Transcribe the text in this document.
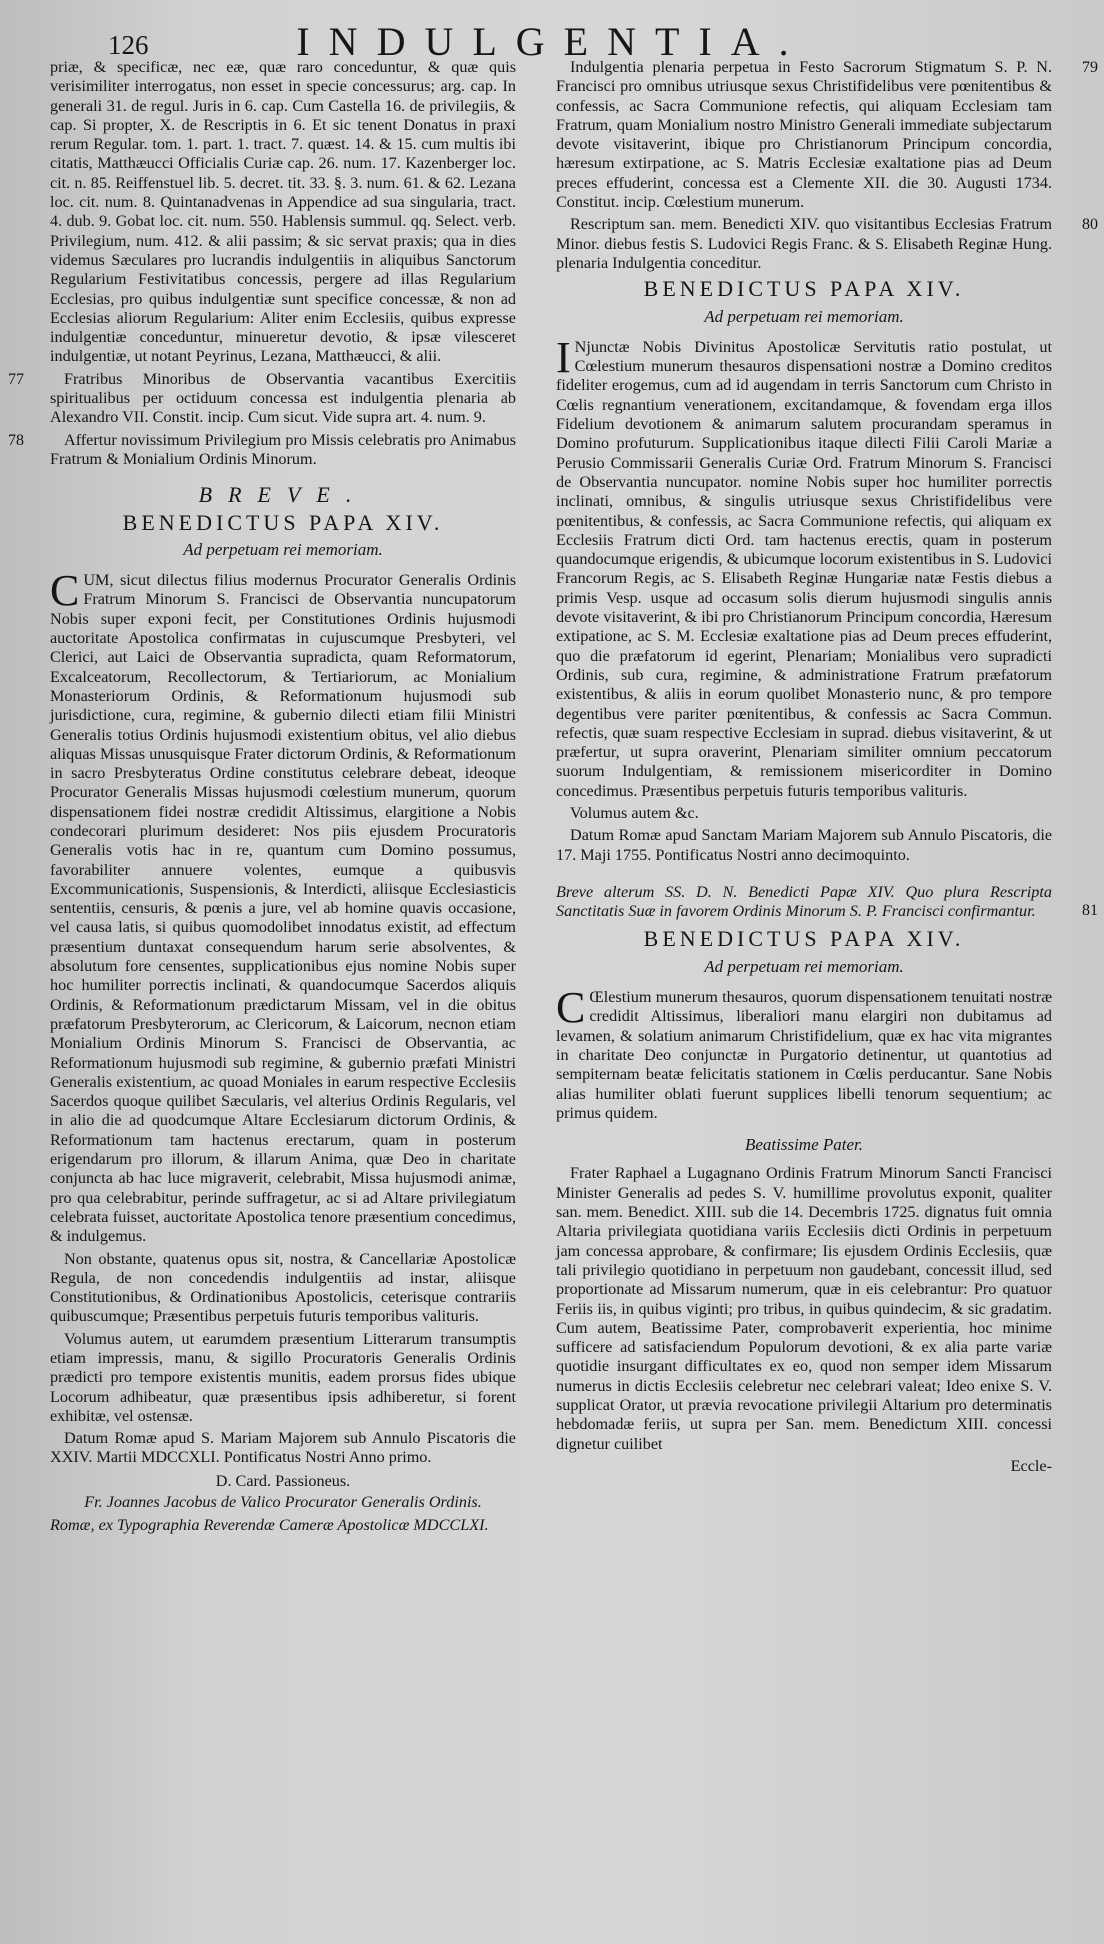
126	INDULGENTIA.

priæ, & specificæ, nec eæ, quæ raro conceduntur, & quæ quis verisimiliter interrogatus, non esset in specie concessurus; arg. cap. In generali 31. de regul. Juris in 6. cap. Cum Castella 16. de privilegiis, & cap. Si propter, X. de Rescriptis in 6. Et sic tenent Donatus in praxi rerum Regular. tom. 1. part. 1. tract. 7. quæst. 14. & 15. cum multis ibi citatis, Matthæucci Officialis Curiæ cap. 26. num. 17. Kazenberger loc. cit. n. 85. Reiffenstuel lib. 5. decret. tit. 33. §. 3. num. 61. & 62. Lezana loc. cit. num. 8. Quintanadvenas in Appendice ad sua singularia, tract. 4. dub. 9. Gobat loc. cit. num. 550. Hablensis summul. qq. Select. verb. Privilegium, num. 412. & alii passim; & sic servat praxis; qua in dies videmus Sæculares pro lucrandis indulgentiis in aliquibus Sanctorum Regularium Festivitatibus concessis, pergere ad illas Regularium Ecclesias, pro quibus indulgentiæ sunt specifice concessæ, & non ad Ecclesias aliorum Regularium: Aliter enim Ecclesiis, quibus expresse indulgentiæ conceduntur, minueretur devotio, & ipsæ vilesceret indulgentiæ, ut notant Peyrinus, Lezana, Matthæucci, & alii.

77	Fratribus Minoribus de Observantia vacantibus Exercitiis spiritualibus per octiduum concessa est indulgentia plenaria ab Alexandro VII. Constit. incip. Cum sicut. Vide supra art. 4. num. 9.

78	Affertur novissimum Privilegium pro Missis celebratis pro Animabus Fratrum & Monialium Ordinis Minorum.

BREVE.
BENEDICTUS PAPA XIV.
Ad perpetuam rei memoriam.

CUM, sicut dilectus filius modernus Procurator Generalis Ordinis Fratrum Minorum S. Francisci de Observantia nuncupatorum Nobis super exponi fecit, per Constitutiones Ordinis hujusmodi auctoritate Apostolica confirmatas in cujuscumque Presbyteri, vel Clerici, aut Laici de Observantia supradicta, quam Reformatorum, Excalceatorum, Recollectorum, & Tertiariorum, ac Monialium Monasteriorum Ordinis, & Reformationum hujusmodi sub jurisdictione, cura, regimine, & gubernio dilecti etiam filii Ministri Generalis totius Ordinis hujusmodi existentium obitus, vel alio diebus aliquas Missas unusquisque Frater dictorum Ordinis, & Reformationum in sacro Presbyteratus Ordine constitutus celebrare debeat, ideoque Procurator Generalis Missas hujusmodi cœlestium munerum, quorum dispensationem fidei nostræ credidit Altissimus, elargitione a Nobis condecorari plurimum desideret: Nos piis ejusdem Procuratoris Generalis votis hac in re, quantum cum Domino possumus, favorabiliter annuere volentes, eumque a quibusvis Excommunicationis, Suspensionis, & Interdicti, aliisque Ecclesiasticis sententiis, censuris, & pœnis a jure, vel ab homine quavis occasione, vel causa latis, si quibus quomodolibet innodatus existit, ad effectum præsentium duntaxat consequendum harum serie absolventes, & absolutum fore censentes, supplicationibus ejus nomine Nobis super hoc humiliter porrectis inclinati, & quandocumque Sacerdos aliquis Ordinis, & Reformationum prædictarum Missam, vel in die obitus præfatorum Presbyterorum, ac Clericorum, & Laicorum, necnon etiam Monialium Ordinis Minorum S. Francisci de Observantia, ac Reformationum hujusmodi sub regimine, & gubernio præfati Ministri Generalis existentium, ac quoad Moniales in earum respective Ecclesiis Sacerdos quoque quilibet Sæcularis, vel alterius Ordinis Regularis, vel in alio die ad quodcumque Altare Ecclesiarum dictorum Ordinis, & Reformationum tam hactenus erectarum, quam in posterum erigendarum pro illorum, & illarum Anima, quæ Deo in charitate conjuncta ab hac luce migraverit, celebrabit, Missa hujusmodi animæ, pro qua celebrabitur, perinde suffragetur, ac si ad Altare privilegiatum celebrata fuisset, auctoritate Apostolica tenore præsentium concedimus, & indulgemus.

Non obstante, quatenus opus sit, nostra, & Cancellariæ Apostolicæ Regula, de non concedendis indulgentiis ad instar, aliisque Constitutionibus, & Ordinationibus Apostolicis, ceterisque contrariis quibuscumque; Præsentibus perpetuis futuris temporibus valituris.

Volumus autem, ut earumdem præsentium Litterarum transumptis etiam impressis, manu, & sigillo Procuratoris Generalis Ordinis prædicti pro tempore existentis munitis, eadem prorsus fides ubique Locorum adhibeatur, quæ præsentibus ipsis adhiberetur, si forent exhibitæ, vel ostensæ.

Datum Romæ apud S. Mariam Majorem sub Annulo Piscatoris die XXIV. Martii MDCCXLI. Pontificatus Nostri Anno primo.

D. Card. Passioneus.
Fr. Joannes Jacobus de Valico Procurator Generalis Ordinis.

Romæ, ex Typographia Reverendæ Cameræ Apostolicæ MDCCLXI.

79

Indulgentia plenaria perpetua in Festo Sacrorum Stigmatum S. P. N. Francisci pro omnibus utriusque sexus Christifidelibus vere pœnitentibus & confessis, ac Sacra Communione refectis, qui aliquam Ecclesiam tam Fratrum, quam Monialium nostro Ministro Generali immediate subjectarum devote visitaverint, ibique pro Christianorum Principum concordia, hæresum extirpatione, ac S. Matris Ecclesiæ exaltatione pias ad Deum preces effuderint, concessa est a Clemente XII. die 30. Augusti 1734. Constitut. incip. Cœlestium munerum.

80

Rescriptum san. mem. Benedicti XIV. quo visitantibus Ecclesias Fratrum Minor. diebus festis S. Ludovici Regis Franc. & S. Elisabeth Reginæ Hung. plenaria Indulgentia conceditur.

BENEDICTUS PAPA XIV.
Ad perpetuam rei memoriam.

I Njunctæ Nobis Divinitus Apostolicæ Servitutis ratio postulat, ut Cœlestium munerum thesauros dispensationi nostræ a Domino creditos fideliter erogemus, cum ad id augendam in terris Sanctorum cum Christo in Cœlis regnantium venerationem, excitandamque, & fovendam erga illos Fidelium devotionem & animarum salutem procurandam speramus in Domino profuturum. Supplicationibus itaque dilecti Filii Caroli Mariæ a Perusio Commissarii Generalis Curiæ Ord. Fratrum Minorum S. Francisci de Observantia nuncupator. nomine Nobis super hoc humiliter porrectis inclinati, omnibus, & singulis utriusque sexus Christifidelibus vere pœnitentibus, & confessis, ac Sacra Communione refectis, qui aliquam ex Ecclesiis Fratrum dicti Ord. tam hactenus erectis, quam in posterum quandocumque erigendis, & ubicumque locorum existentibus in S. Ludovici Francorum Regis, ac S. Elisabeth Reginæ Hungariæ natæ Festis diebus a primis Vesp. usque ad occasum solis dierum hujusmodi singulis annis devote visitaverint, & ibi pro Christianorum Principum concordia, Hæresum extipatione, ac S. M. Ecclesiæ exaltatione pias ad Deum preces effuderint, quo die præfatorum id egerint, Plenariam; Monialibus vero supradicti Ordinis, sub cura, regimine, & administratione Fratrum præfatorum existentibus, & aliis in eorum quolibet Monasterio nunc, & pro tempore degentibus vere pariter pœnitentibus, & confessis ac Sacra Commun. refectis, quæ suam respective Ecclesiam in suprad. diebus visitaverint, & ut præfertur, ut supra oraverint, Plenariam similiter omnium peccatorum suorum Indulgentiam, & remissionem misericorditer in Domino concedimus. Præsentibus perpetuis futuris temporibus valituris.

Volumus autem &c.

Datum Romæ apud Sanctam Mariam Majorem sub Annulo Piscatoris, die 17. Maji 1755. Pontificatus Nostri anno decimoquinto.

81

Breve alterum SS. D. N. Benedicti Papæ XIV. Quo plura Rescripta Sanctitatis Suæ in favorem Ordinis Minorum S. P. Francisci confirmantur.

BENEDICTUS PAPA XIV.
Ad perpetuam rei memoriam.

C Œlestium munerum thesauros, quorum dispensationem tenuitati nostræ credidit Altissimus, liberaliori manu elargiri non dubitamus ad levamen, & solatium animarum Christifidelium, quæ ex hac vita migrantes in charitate Deo conjunctæ in Purgatorio detinentur, ut quantotius ad sempiternam beatæ felicitatis stationem in Cœlis perducantur. Sane Nobis alias humiliter oblati fuerunt supplices libelli tenorum sequentium; ac primus quidem.

Beatissime Pater.

Frater Raphael a Lugagnano Ordinis Fratrum Minorum Sancti Francisci Minister Generalis ad pedes S. V. humillime provolutus exponit, qualiter san. mem. Benedict. XIII. sub die 14. Decembris 1725. dignatus fuit omnia Altaria privilegiata quotidiana variis Ecclesiis dicti Ordinis in perpetuum jam concessa approbare, & confirmare; Iis ejusdem Ordinis Ecclesiis, quæ tali privilegio quotidiano in perpetuum non gaudebant, concessit illud, sed proportionate ad Missarum numerum, quæ in eis celebrantur: Pro quatuor Feriis iis, in quibus viginti; pro tribus, in quibus quindecim, & sic gradatim. Cum autem, Beatissime Pater, comprobaverit experientia, hoc minime sufficere ad satisfaciendum Populorum devotioni, & ex alia parte variæ quotidie insurgant difficultates ex eo, quod non semper idem Missarum numerus in dictis Ecclesiis celebretur nec celebrari valeat; Ideo enixe S. V. supplicat Orator, ut prævia revocatione privilegii Altarium pro determinatis hebdomadæ feriis, ut supra per San. mem. Benedictum XIII. concessi dignetur cuilibet

Eccle-
